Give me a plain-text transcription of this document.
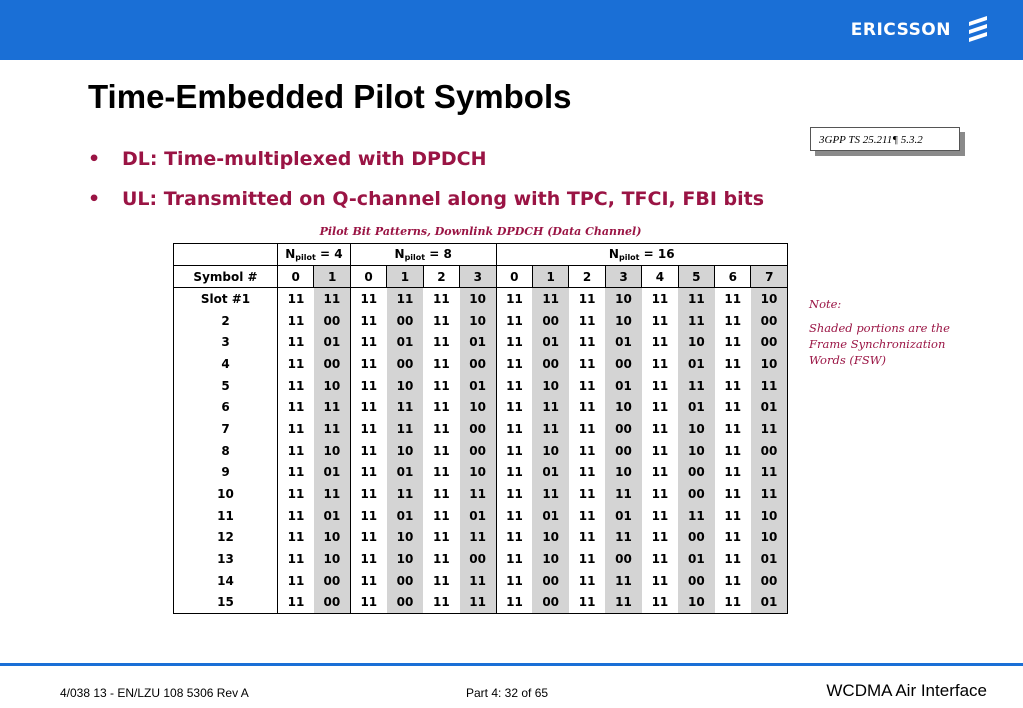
ERICSSON
Time-Embedded Pilot Symbols
3GPP TS 25.211¶ 5.3.2
• DL: Time-multiplexed with DPDCH
• UL: Transmitted on Q-channel along with TPC, TFCI, FBI bits
Pilot Bit Patterns, Downlink DPDCH (Data Channel)
	$N_{pilot} = 4$		$N_{pilot} = 8$				$N_{pilot} = 16$							
Symbol #	0	1	0	1	2	3	0	1	2	3	4	5	6	7
Slot #1	11	11	11	11	11	10	11	11	11	10	11	11	11	10
2	11	00	11	00	11	10	11	00	11	10	11	11	11	00
3	11	01	11	01	11	01	11	01	11	01	11	10	11	00
4	11	00	11	00	11	00	11	00	11	00	11	01	11	10
5	11	10	11	10	11	01	11	10	11	01	11	11	11	11
6	11	11	11	11	11	10	11	11	11	10	11	01	11	01
7	11	11	11	11	11	00	11	11	11	00	11	10	11	11
8	11	10	11	10	11	00	11	10	11	00	11	10	11	00
9	11	01	11	01	11	10	11	01	11	10	11	00	11	11
10	11	11	11	11	11	11	11	11	11	11	11	00	11	11
11	11	01	11	01	11	01	11	01	11	01	11	11	11	10
12	11	10	11	10	11	11	11	10	11	11	11	00	11	10
13	11	10	11	10	11	00	11	10	11	00	11	01	11	01
14	11	00	11	00	11	11	11	00	11	11	11	00	11	00
15	11	00	11	00	11	11	11	00	11	11	11	10	11	01

Note:

Shaded portions are the Frame Synchronization Words (FSW)

4/038 13 - EN/LZU 108 5306 Rev A	Part 4: 32 of 65	WCDMA Air Interface
